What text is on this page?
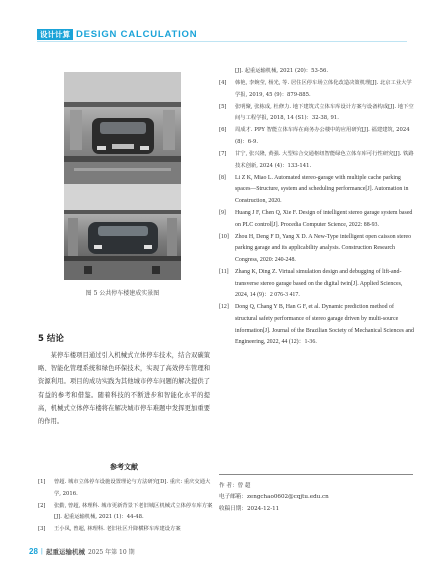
设计计算 DESIGN CALCULATION
图 5 公共停车楼建成实景图
5 结论
某停车楼项目通过引入机械式立体停车技术，结合双碳策略、智能化管理系统和绿色环保技术，实现了高效停车管理和资源利用。项目的成功实践为其他城市停车问题的解决提供了有益的参考和借鉴。随着科技的不断进步和智能化水平的提高，机械式立体停车楼将在解决城市停车难题中发挥更加重要的作用。
参考文献
[1] 曾超. 城市立体停车设施设置理论与方法研究[D]. 重庆: 重庆交通大学, 2016.
[2] 张勤, 曾超, 林理科. 城市更新背景下老旧城区机械式立体停车库方案[J]. 起重运输机械, 2021 (1)：44-48.
[3] 王小凤, 曾超, 林理科. 老旧社区升降横移车库建设方案
[J]. 起重运输机械, 2021 (20)：53-56.
[4] 韩艳, 李婉莹, 杨光, 等. 居住区停车场立体化改造决策机理[J]. 北京工业大学学报, 2019, 45 (9)：879-885.
[5] 张明聚, 张栋成, 杜修力. 地下建筑式立体车库设计方案与设备构成[J]. 地下空间与工程学报, 2018, 14 (S1)：32-38, 91.
[6] 周成才. PPY 智能立体车库在商务办公楼中的应用研究[J]. 福建建筑, 2024 (8)：6-9.
[7] 甘宁, 张兴隆, 黄强. 大型综合交通枢纽智能绿色立体车库可行性研究[J]. 铁路技术创新, 2024 (4)：133-141.
[8] Li Z K, Miao L. Automated stereo-garage with multiple cache parking spaces—Structure, system and scheduling performance[J]. Automation in Construction, 2020.
[9] Huang J F, Chen Q, Xie F. Design of intelligent stereo garage system based on PLC control[J]. Procedia Computer Science, 2022: 88-93.
[10] Zhou H, Deng F D, Yang X D. A New-Type intelligent open caisson stereo parking garage and its applicability analysis. Construction Research Congress, 2020: 240-248.
[11] Zhang K, Ding Z. Virtual simulation design and debugging of lift-and-transverse stereo garage based on the digital twin[J]. Applied Sciences, 2024, 14 (9)：2 076-3 417.
[12] Dong Q, Chang Y B, Han G F, et al. Dynamic prediction method of structural safety performance of stereo garage driven by multi-source information[J]. Journal of the Brazilian Society of Mechanical Sciences and Engineering, 2022, 44 (12)：1-36.
作 者：曾 超
电子邮箱：zengchao0602@cqjtu.edu.cn
收稿日期：2024-12-11
28 | 起重运输机械 2025 年第 10 期
